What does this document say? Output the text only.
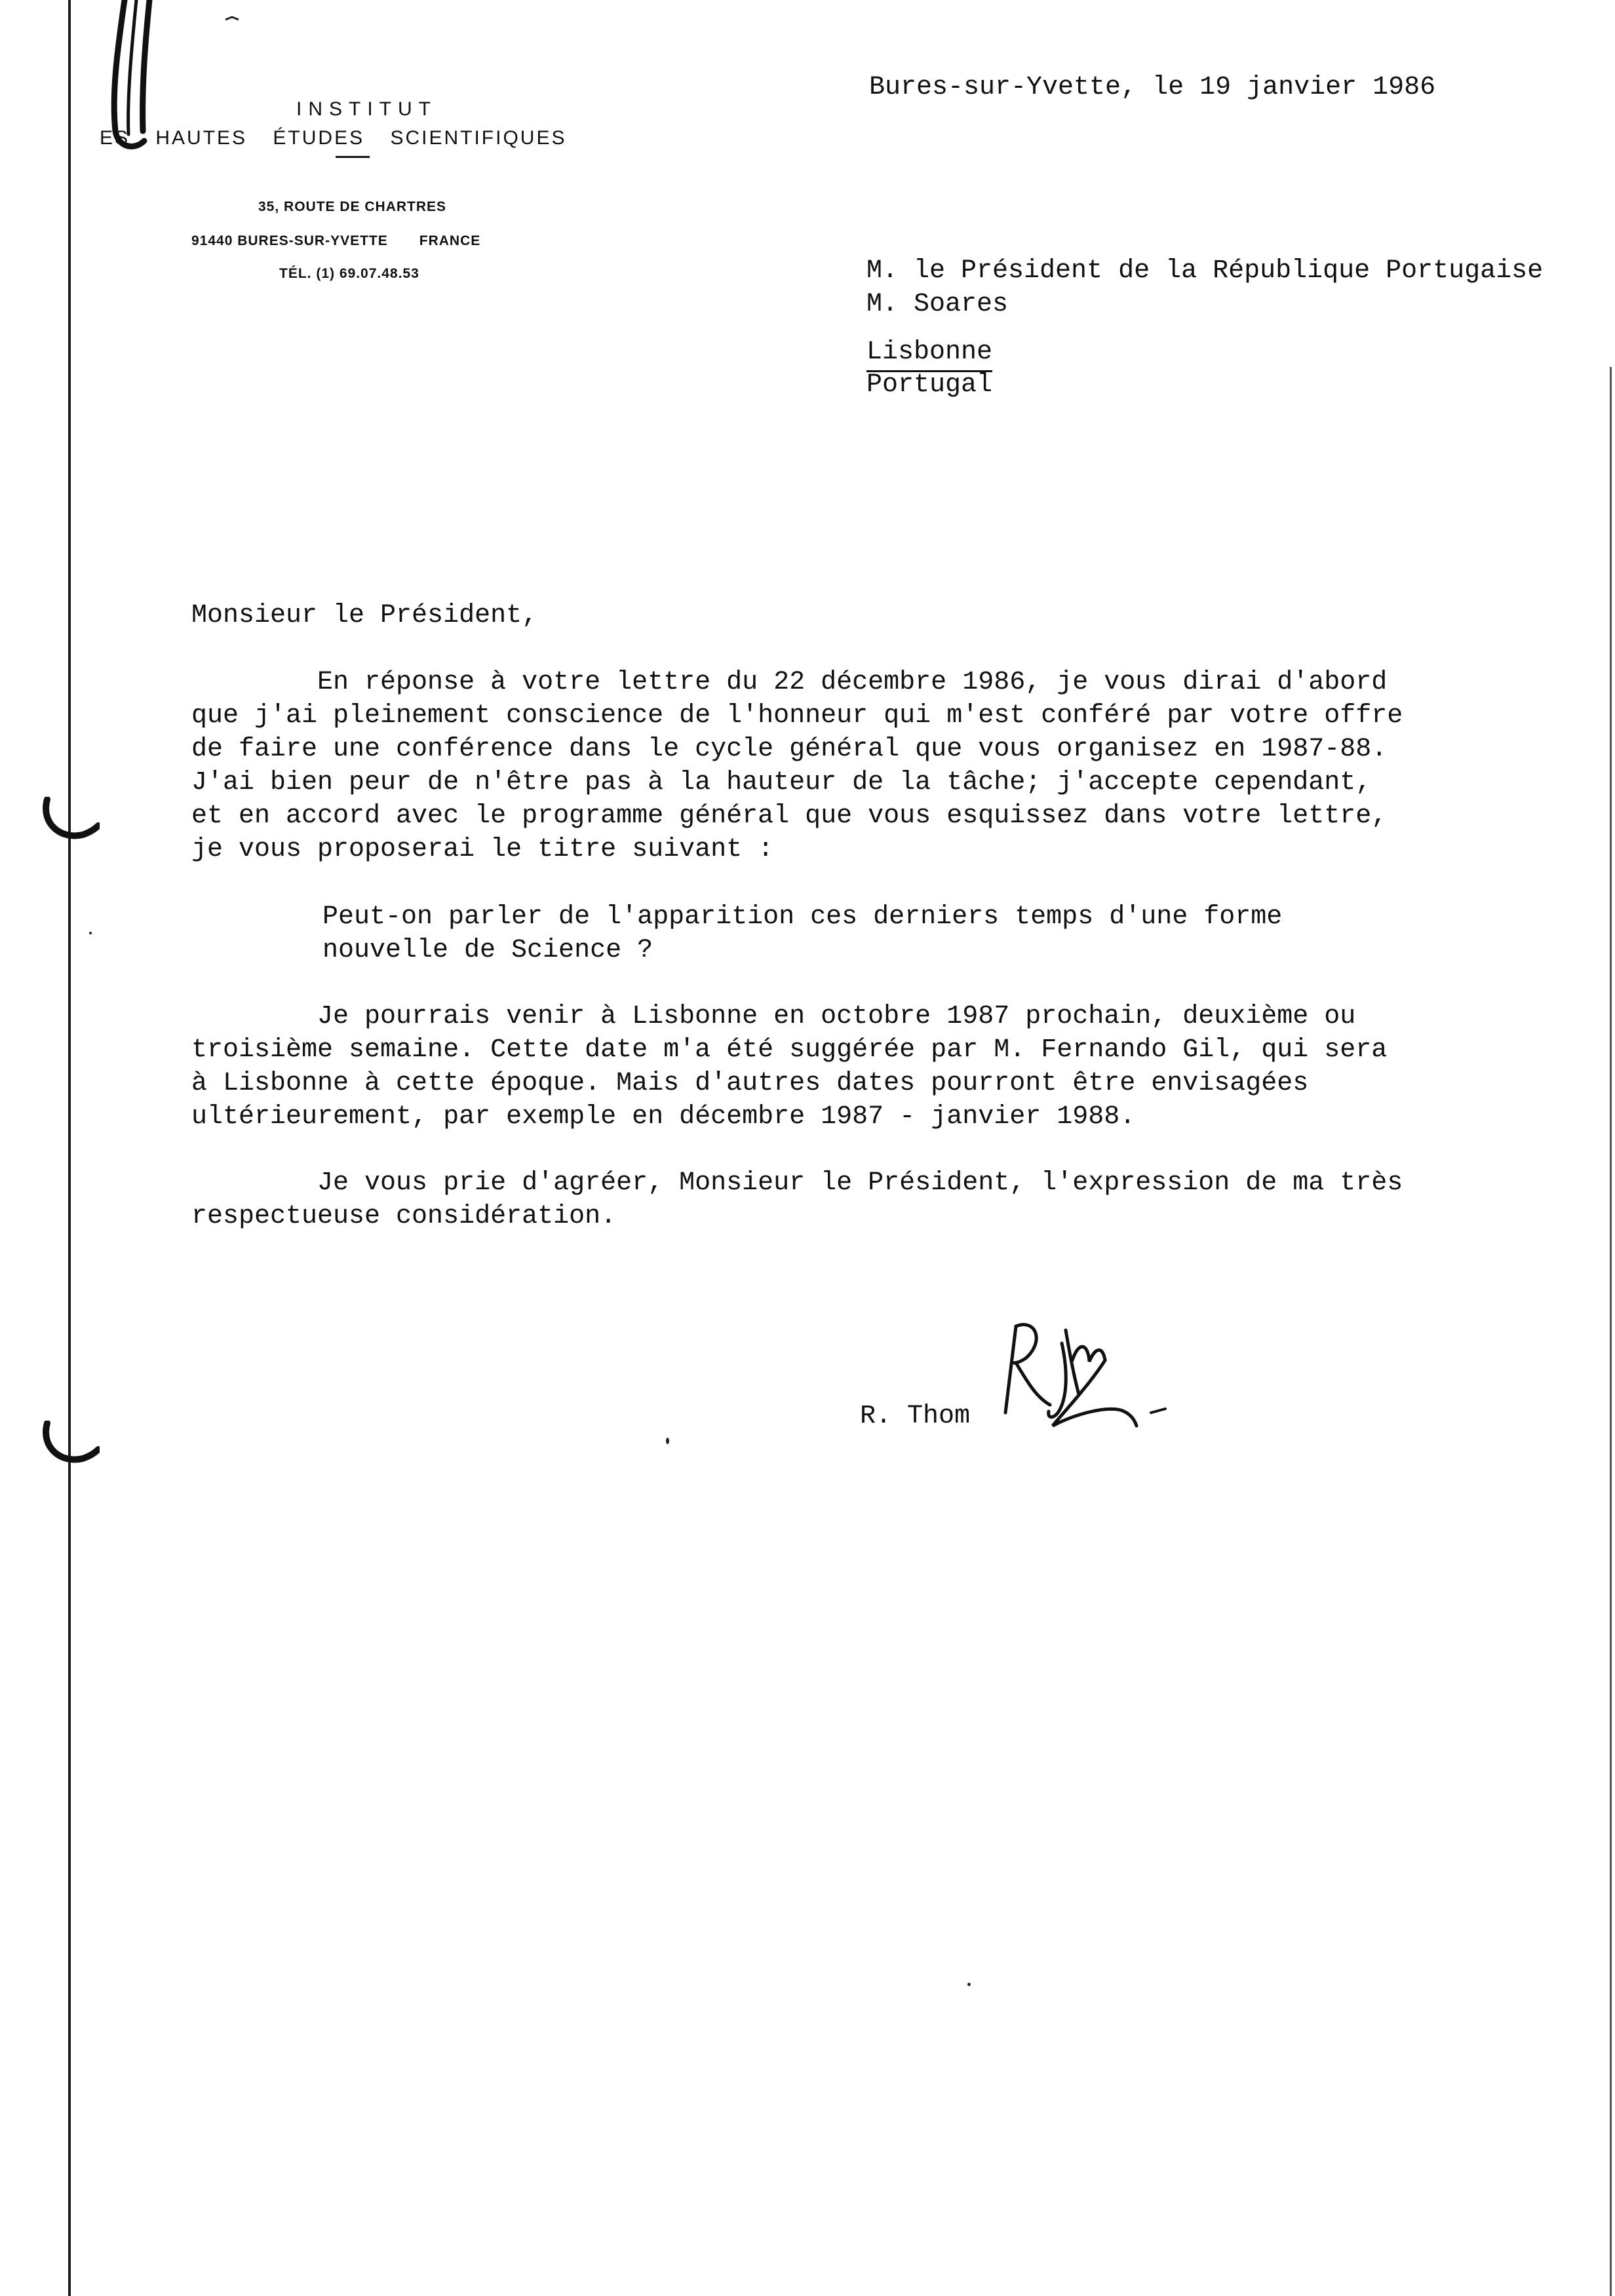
INSTITUT
ES HAUTES ÉTUDES SCIENTIFIQUES
35, ROUTE DE CHARTRES
91440 BURES-SUR-YVETTE FRANCE
TÉL. (1) 69.07.48.53
Bures-sur-Yvette, le 19 janvier 1986
M. le Président de la République Portugaise
M. Soares
Lisbonne
Portugal
Monsieur le Président,
En réponse à votre lettre du 22 décembre 1986, je vous dirai d'abord
que j'ai pleinement conscience de l'honneur qui m'est conféré par votre offre
de faire une conférence dans le cycle général que vous organisez en 1987-88.
J'ai bien peur de n'être pas à la hauteur de la tâche; j'accepte cependant,
et en accord avec le programme général que vous esquissez dans votre lettre,
je vous proposerai le titre suivant :
Peut-on parler de l'apparition ces derniers temps d'une forme
nouvelle de Science ?
Je pourrais venir à Lisbonne en octobre 1987 prochain, deuxième ou
troisième semaine. Cette date m'a été suggérée par M. Fernando Gil, qui sera
à Lisbonne à cette époque. Mais d'autres dates pourront être envisagées
ultérieurement, par exemple en décembre 1987 - janvier 1988.
Je vous prie d'agréer, Monsieur le Président, l'expression de ma très
respectueuse considération.
R. Thom
